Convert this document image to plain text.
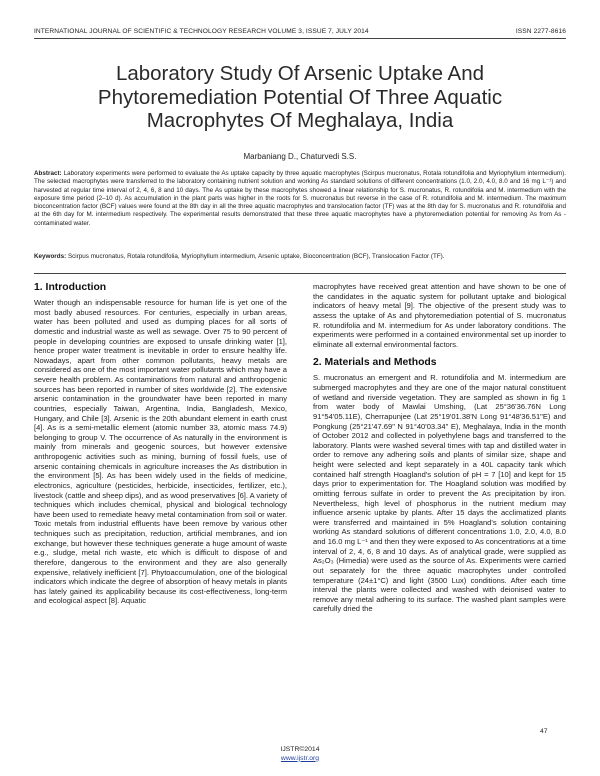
INTERNATIONAL JOURNAL OF SCIENTIFIC & TECHNOLOGY RESEARCH VOLUME 3, ISSUE 7, JULY 2014	ISSN 2277-8616
Laboratory Study Of Arsenic Uptake And Phytoremediation Potential Of Three Aquatic Macrophytes Of Meghalaya, India
Marbaniang D., Chaturvedi S.S.
Abstract: Laboratory experiments were performed to evaluate the As uptake capacity by three aquatic macrophytes (Scirpus mucronatus, Rotala rotundifolia and Myriophyllum intermedium). The selected macrophytes were transferred to the laboratory containing nutrient solution and working As standard solutions of different concentrations (1.0, 2.0, 4.0, 8.0 and 16 mg L⁻¹) and harvested at regular time interval of 2, 4, 6, 8 and 10 days. The As uptake by these macrophytes showed a linear relationship for S. mucronatus, R. rotundifolia and M. intermedium with the exposure time period (2–10 d). As accumulation in the plant parts was higher in the roots for S. mucronatus but reverse in the case of R. rotundifolia and M. intermedium. The maximum bioconcentration factor (BCF) values were found at the 8th day in all the three aquatic macrophytes and translocation factor (TF) was at the 8th day for S. mucronatus and R. rotundifolia and at the 6th day for M. intermedium respectively. The experimental results demonstrated that these three aquatic macrophytes have a phytoremediation potential for removing As from As -contaminated water.
Keywords: Scirpus mucronatus, Rotala rotundifolia, Myriophyllum intermedium, Arsenic uptake, Bioconcentration (BCF), Translocation Factor (TF).
1. Introduction

Water though an indispensable resource for human life is yet one of the most badly abused resources. For centuries, especially in urban areas, water has been polluted and used as dumping places for all sorts of domestic and industrial waste as well as sewage. Over 75 to 90 percent of people in developing countries are exposed to unsafe drinking water [1], hence proper water treatment is inevitable in order to ensure healthy life. Nowadays, apart from other common pollutants, heavy metals are considered as one of the most important water pollutants which may have a severe health problem. As contaminations from natural and anthropogenic sources has been reported in number of sites worldwide [2]. The extensive arsenic contamination in the groundwater have been reported in many countries, especially Taiwan, Argentina, India, Bangladesh, Mexico, Hungary, and Chile [3]. Arsenic is the 20th abundant element in earth crust [4]. As is a semi-metallic element (atomic number 33, atomic mass 74.9) belonging to group V. The occurrence of As naturally in the environment is mainly from minerals and geogenic sources, but however extensive anthropogenic activities such as mining, burning of fossil fuels, use of arsenic containing chemicals in agriculture increases the As distribution in the environment [5]. As has been widely used in the fields of medicine, electronics, agriculture (pesticides, herbicide, insecticides, fertilizer, etc.), livestock (cattle and sheep dips), and as wood preservatives [6]. A variety of techniques which includes chemical, physical and biological technology have been used to remediate heavy metal contamination from soil or water. Toxic metals from industrial effluents have been remove by various other techniques such as precipitation, reduction, artificial membranes, and ion exchange, but however these techniques generate a huge amount of waste e.g., sludge, metal rich waste, etc which is difficult to dispose of and therefore, dangerous to the environment and they are also generally expensive, relatively inefficient [7]. Phytoaccumulation, one of the biological indicators which indicate the degree of absorption of heavy metals in plants has lately gained its applicability because its cost-effectiveness, long-term and ecological aspect [8]. Aquatic

macrophytes have received great attention and have shown to be one of the candidates in the aquatic system for pollutant uptake and biological indicators of heavy metal [9]. The objective of the present study was to assess the uptake of As and phytoremediation potential of S. mucronatus R. rotundifolia and M. intermedium for As under laboratory conditions. The experiments were performed in a contained environmental set up inorder to eliminate all external environmental factors.

2. Materials and Methods

S. mucronatus an emergent and R. rotundifolia and M. intermedium are submerged macrophytes and they are one of the major natural constituent of wetland and riverside vegetation. They are sampled as shown in fig 1 from water body of Mawlai Umshing, (Lat 25°36'36.76N Long 91°54'05.11E), Cherrapunjee (Lat 25°19'01.38'N Long 91°48'36.51"E) and Pongkung (25°21'47.69" N 91°40'03.34" E), Meghalaya, India in the month of October 2012 and collected in polyethylene bags and transferred to the laboratory. Plants were washed several times with tap and distilled water in order to remove any adhering soils and plants of similar size, shape and height were selected and kept separately in a 40L capacity tank which contained half strength Hoagland's solution of pH = 7 [10] and kept for 15 days prior to experimentation for. The Hoagland solution was modified by omitting ferrous sulfate in order to prevent the As precipitation by iron. Nevertheless, high level of phosphorus in the nutrient medium may influence arsenic uptake by plants. After 15 days the acclimatized plants were transferred and maintained in 5% Hoagland's solution containing working As standard solutions of different concentrations 1.0, 2.0, 4.0, 8.0 and 16.0 mg L⁻¹ and then they were exposed to As concentrations at a time interval of 2, 4, 6, 8 and 10 days. As of analytical grade, were supplied as As₂O₃ (Himedia) were used as the source of As. Experiments were carried out separately for the three aquatic macrophytes under controlled temperature (24±1°C) and light (3500 Lux) conditions. After each time interval the plants were collected and washed with deionised water to remove any metal adhering to its surface. The washed plant samples were carefully dried the

47
IJSTR©2014
www.ijstr.org
